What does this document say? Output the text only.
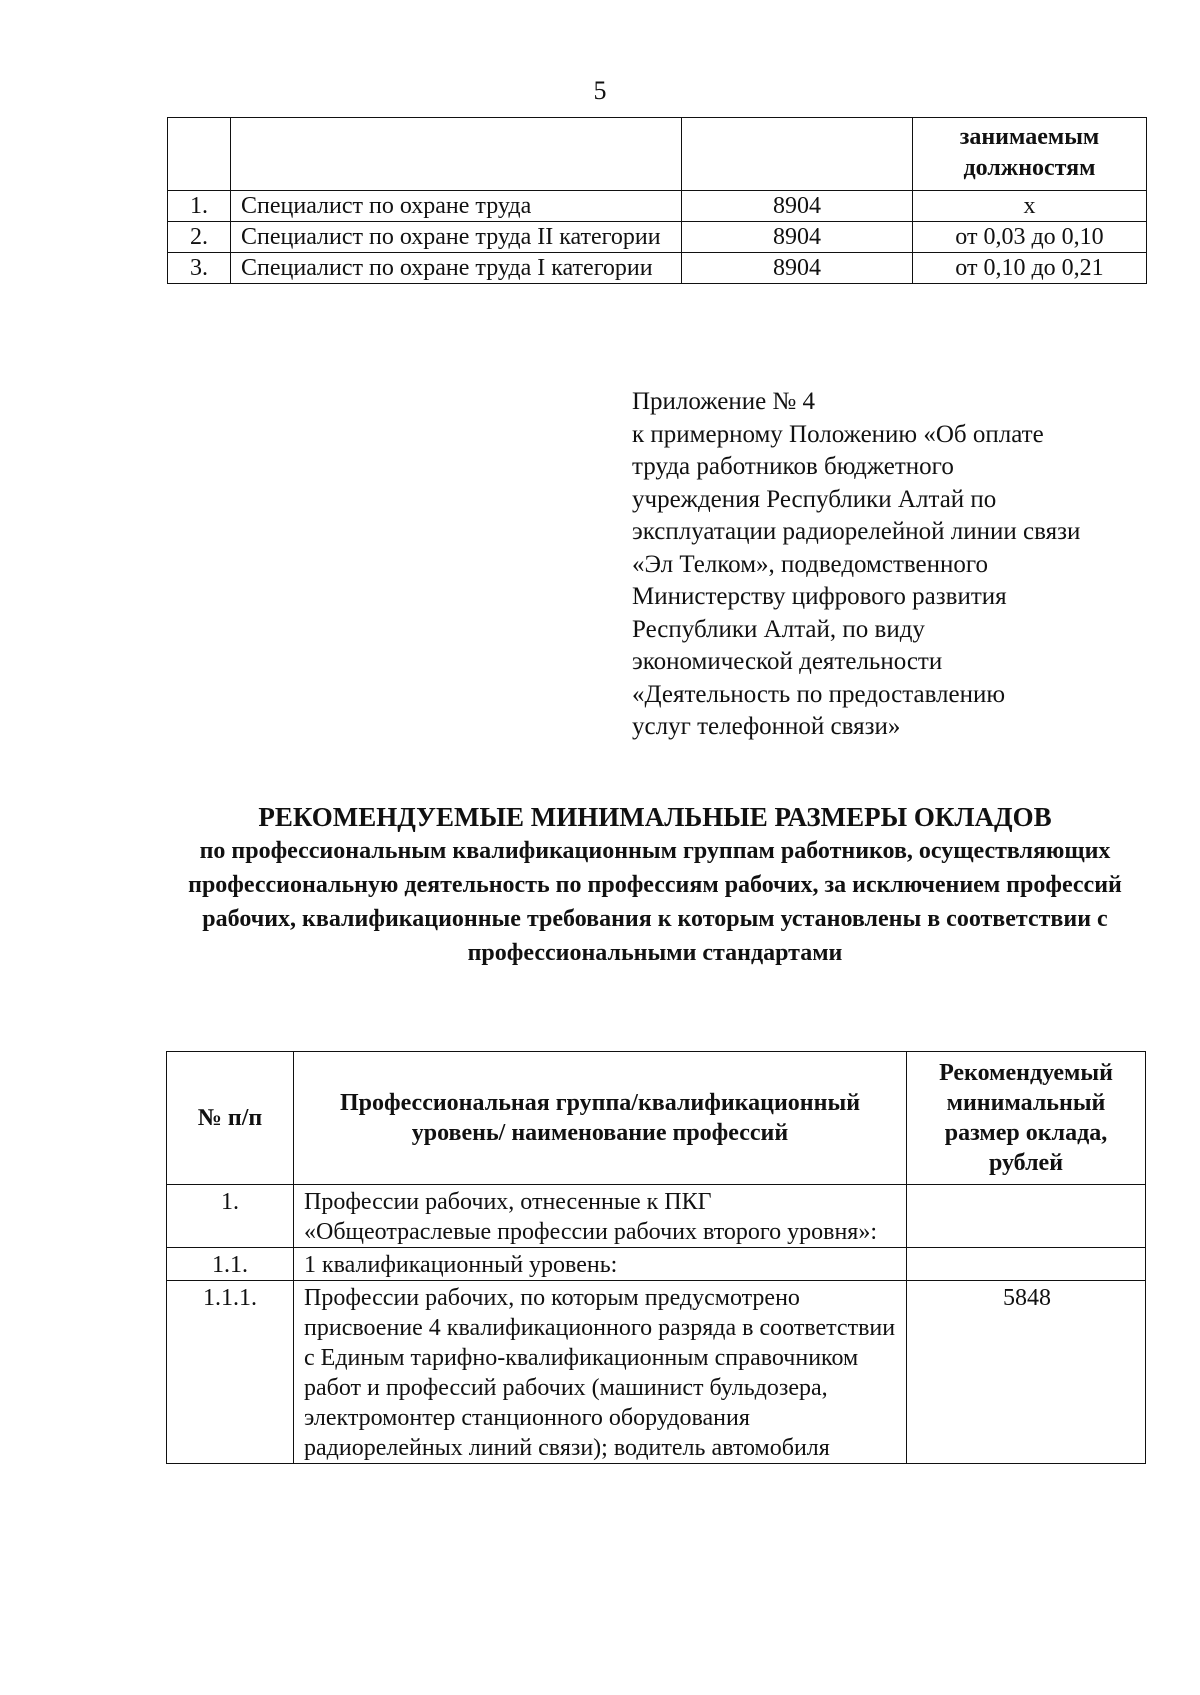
5
			занимаемым должностям
1.	Специалист по охране труда	8904	х
2.	Специалист по охране труда II категории	8904	от 0,03 до 0,10
3.	Специалист по охране труда I категории	8904	от 0,10 до 0,21
Приложение № 4
к примерному Положению «Об оплате
труда работников бюджетного
учреждения Республики Алтай по
эксплуатации радиорелейной линии связи
«Эл Телком», подведомственного
Министерству цифрового развития
Республики Алтай, по виду
экономической деятельности
«Деятельность по предоставлению
услуг телефонной связи»
РЕКОМЕНДУЕМЫЕ МИНИМАЛЬНЫЕ РАЗМЕРЫ ОКЛАДОВ
по профессиональным квалификационным группам работников, осуществляющих профессиональную деятельность по профессиям рабочих, за исключением профессий рабочих, квалификационные требования к которым установлены в соответствии с профессиональными стандартами
№ п/п	Профессиональная группа/квалификационный уровень/ наименование профессий	Рекомендуемый минимальный размер оклада, рублей
1.	Профессии рабочих, отнесенные к ПКГ «Общеотраслевые профессии рабочих второго уровня»:	
1.1.	1 квалификационный уровень:	
1.1.1.	Профессии рабочих, по которым предусмотрено присвоение 4 квалификационного разряда в соответствии с Единым тарифно-квалификационным справочником работ и профессий рабочих (машинист бульдозера, электромонтер станционного оборудования радиорелейных линий связи); водитель автомобиля	5848
